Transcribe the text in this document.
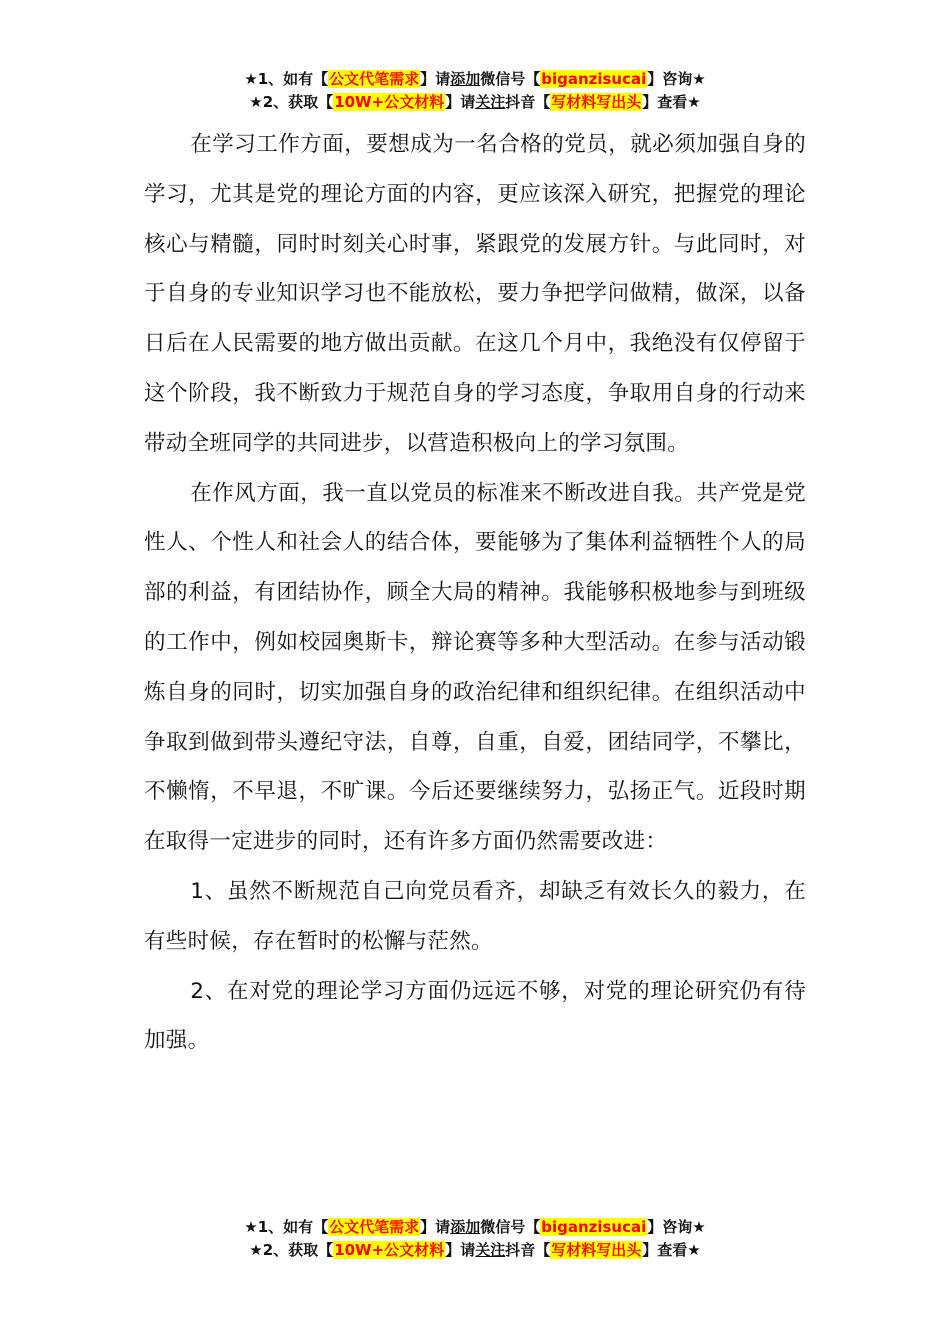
★1、如有【公文代笔需求】请添加微信号【biganzisucai】咨询★
★2、获取【10W+公文材料】请关注抖音【写材料写出头】查看★

在学习工作方面，要想成为一名合格的党员，就必须加强自身的学习，尤其是党的理论方面的内容，更应该深入研究，把握党的理论核心与精髓，同时时刻关心时事，紧跟党的发展方针。与此同时，对于自身的专业知识学习也不能放松，要力争把学问做精，做深，以备日后在人民需要的地方做出贡献。在这几个月中，我绝没有仅停留于这个阶段，我不断致力于规范自身的学习态度，争取用自身的行动来带动全班同学的共同进步，以营造积极向上的学习氛围。

在作风方面，我一直以党员的标准来不断改进自我。共产党是党性人、个性人和社会人的结合体，要能够为了集体利益牺牲个人的局部的利益，有团结协作，顾全大局的精神。我能够积极地参与到班级的工作中，例如校园奥斯卡，辩论赛等多种大型活动。在参与活动锻炼自身的同时，切实加强自身的政治纪律和组织纪律。在组织活动中争取到做到带头遵纪守法，自尊，自重，自爱，团结同学，不攀比，不懒惰，不早退，不旷课。今后还要继续努力，弘扬正气。近段时期在取得一定进步的同时，还有许多方面仍然需要改进：

1、虽然不断规范自己向党员看齐，却缺乏有效长久的毅力，在有些时候，存在暂时的松懈与茫然。

2、在对党的理论学习方面仍远远不够，对党的理论研究仍有待加强。

★1、如有【公文代笔需求】请添加微信号【biganzisucai】咨询★
★2、获取【10W+公文材料】请关注抖音【写材料写出头】查看★
